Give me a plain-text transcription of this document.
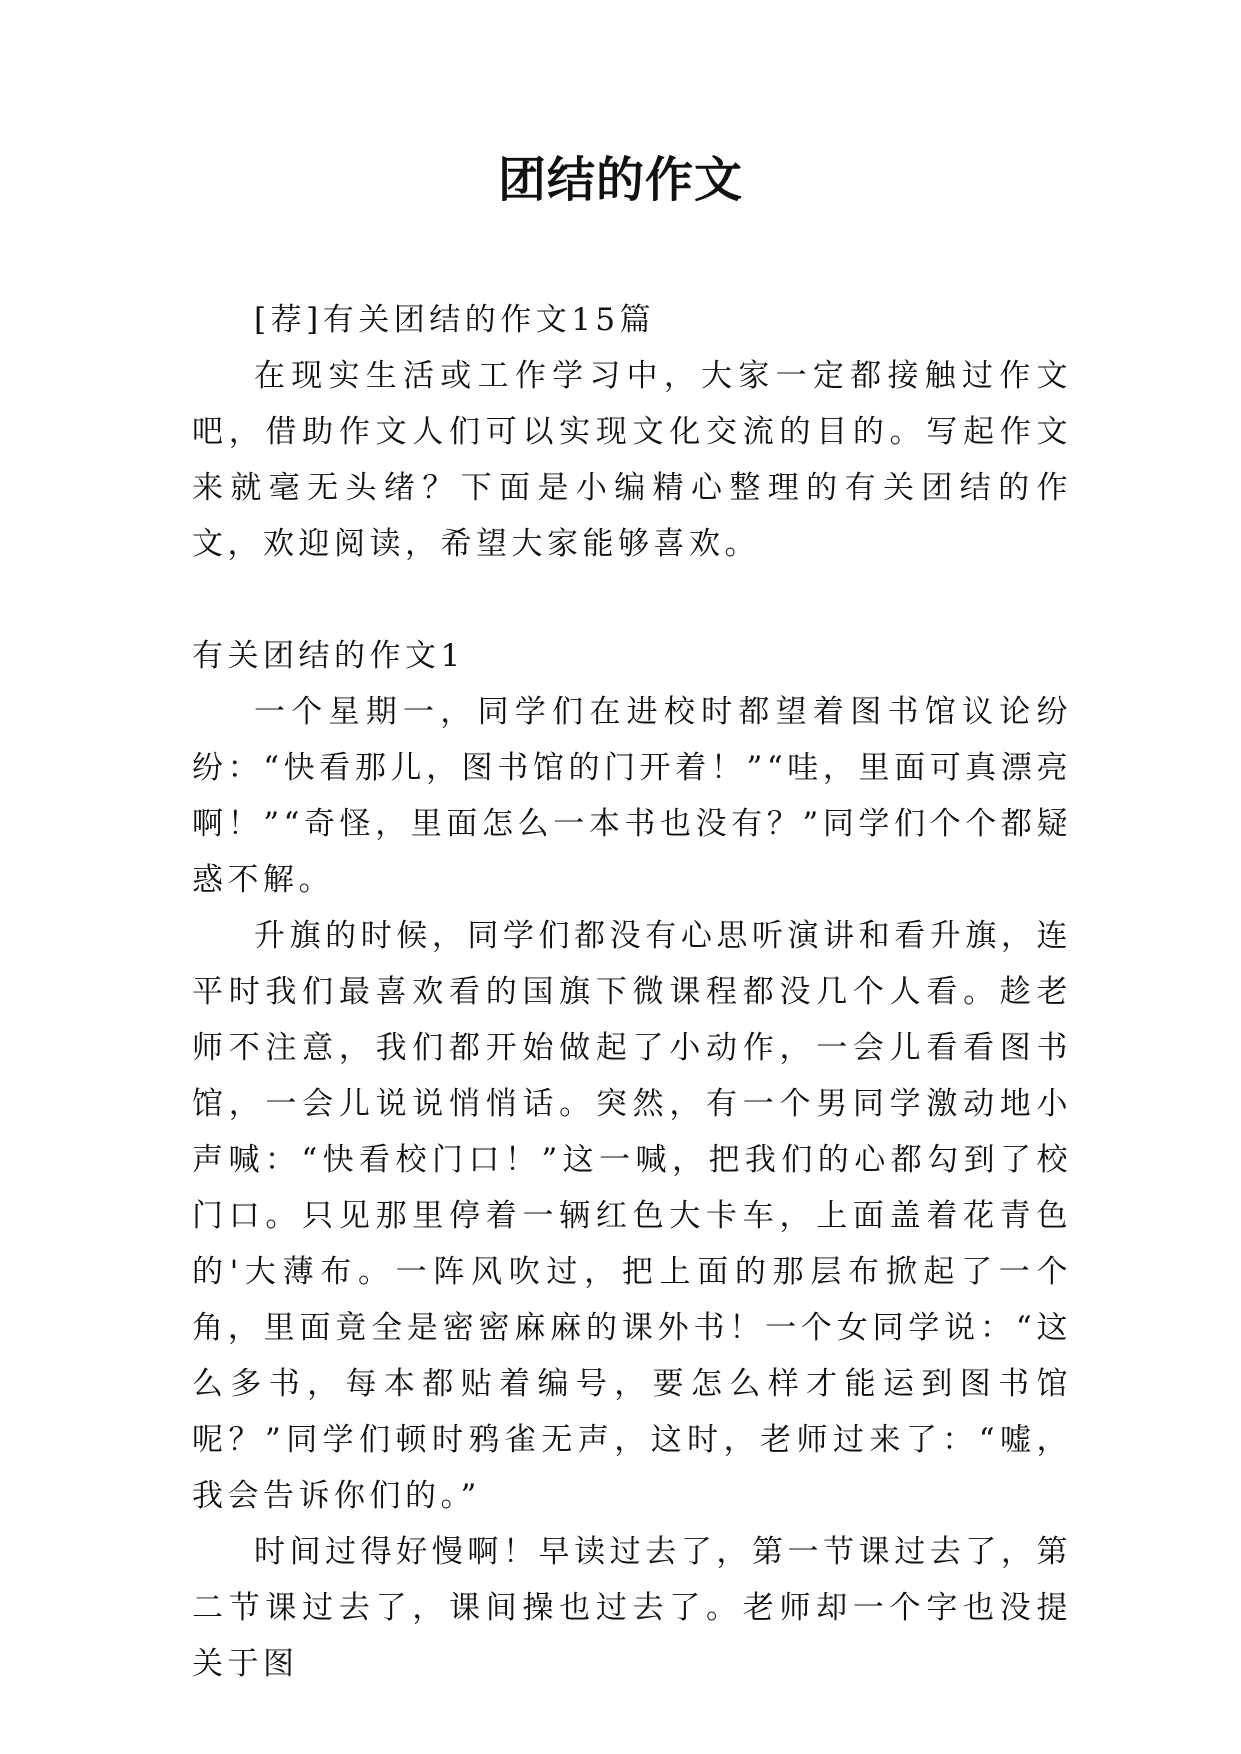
团结的作文

[荐]有关团结的作文15篇

在现实生活或工作学习中，大家一定都接触过作文吧，借助作文人们可以实现文化交流的目的。写起作文来就毫无头绪？下面是小编精心整理的有关团结的作文，欢迎阅读，希望大家能够喜欢。

有关团结的作文1

一个星期一，同学们在进校时都望着图书馆议论纷纷：“快看那儿，图书馆的门开着！”“哇，里面可真漂亮啊！”“奇怪，里面怎么一本书也没有？”同学们个个都疑惑不解。

升旗的时候，同学们都没有心思听演讲和看升旗，连平时我们最喜欢看的国旗下微课程都没几个人看。趁老师不注意，我们都开始做起了小动作，一会儿看看图书馆，一会儿说说悄悄话。突然，有一个男同学激动地小声喊：“快看校门口！”这一喊，把我们的心都勾到了校门口。只见那里停着一辆红色大卡车，上面盖着花青色的'大薄布。一阵风吹过，把上面的那层布掀起了一个角，里面竟全是密密麻麻的课外书！一个女同学说：“这么多书，每本都贴着编号，要怎么样才能运到图书馆呢？”同学们顿时鸦雀无声，这时，老师过来了：“嘘，我会告诉你们的。”

时间过得好慢啊！早读过去了，第一节课过去了，第二节课过去了，课间操也过去了。老师却一个字也没提关于图
